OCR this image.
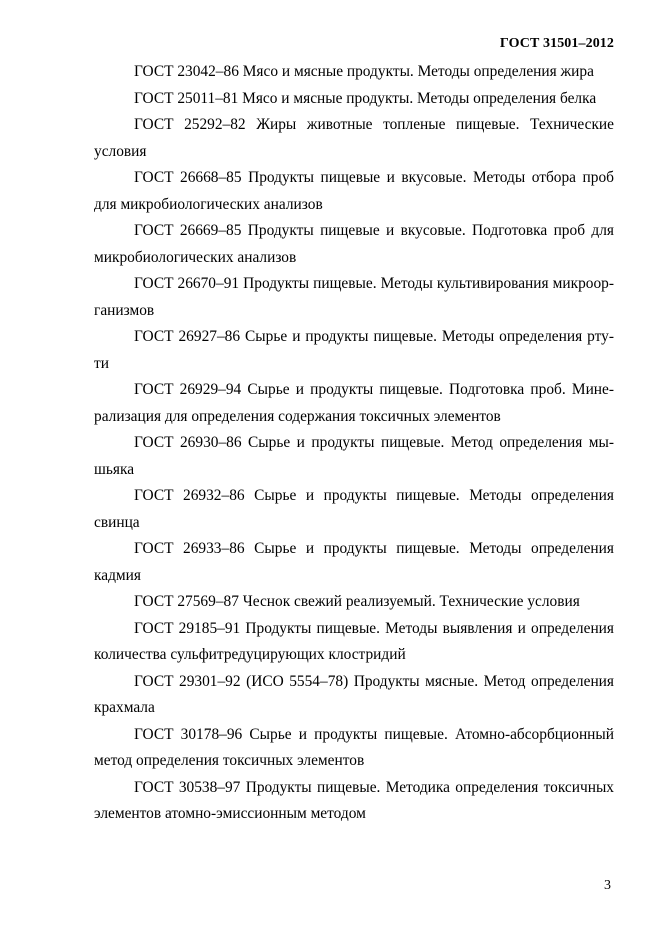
ГОСТ 31501–2012

ГОСТ 23042–86 Мясо и мясные продукты. Методы определения жира

ГОСТ 25011–81 Мясо и мясные продукты. Методы определения белка

ГОСТ 25292–82 Жиры животные топленые пищевые. Технические условия

ГОСТ 26668–85 Продукты пищевые и вкусовые. Методы отбора проб для микробиологических анализов

ГОСТ 26669–85 Продукты пищевые и вкусовые. Подготовка проб для микробиологических анализов

ГОСТ 26670–91 Продукты пищевые. Методы культивирования микроор-ганизмов

ГОСТ 26927–86 Сырье и продукты пищевые. Методы определения рту-ти

ГОСТ 26929–94 Сырье и продукты пищевые. Подготовка проб. Мине-рализация для определения содержания токсичных элементов

ГОСТ 26930–86 Сырье и продукты пищевые. Метод определения мы-шьяка

ГОСТ 26932–86 Сырье и продукты пищевые. Методы определения свинца

ГОСТ 26933–86 Сырье и продукты пищевые. Методы определения кадмия

ГОСТ 27569–87 Чеснок свежий реализуемый. Технические условия

ГОСТ 29185–91 Продукты пищевые. Методы выявления и определения количества сульфитредуцирующих клостридий

ГОСТ 29301–92 (ИСО 5554–78) Продукты мясные. Метод определения крахмала

ГОСТ 30178–96 Сырье и продукты пищевые. Атомно-абсорбционный метод определения токсичных элементов

ГОСТ 30538–97 Продукты пищевые. Методика определения токсичных элементов атомно-эмиссионным методом

3
